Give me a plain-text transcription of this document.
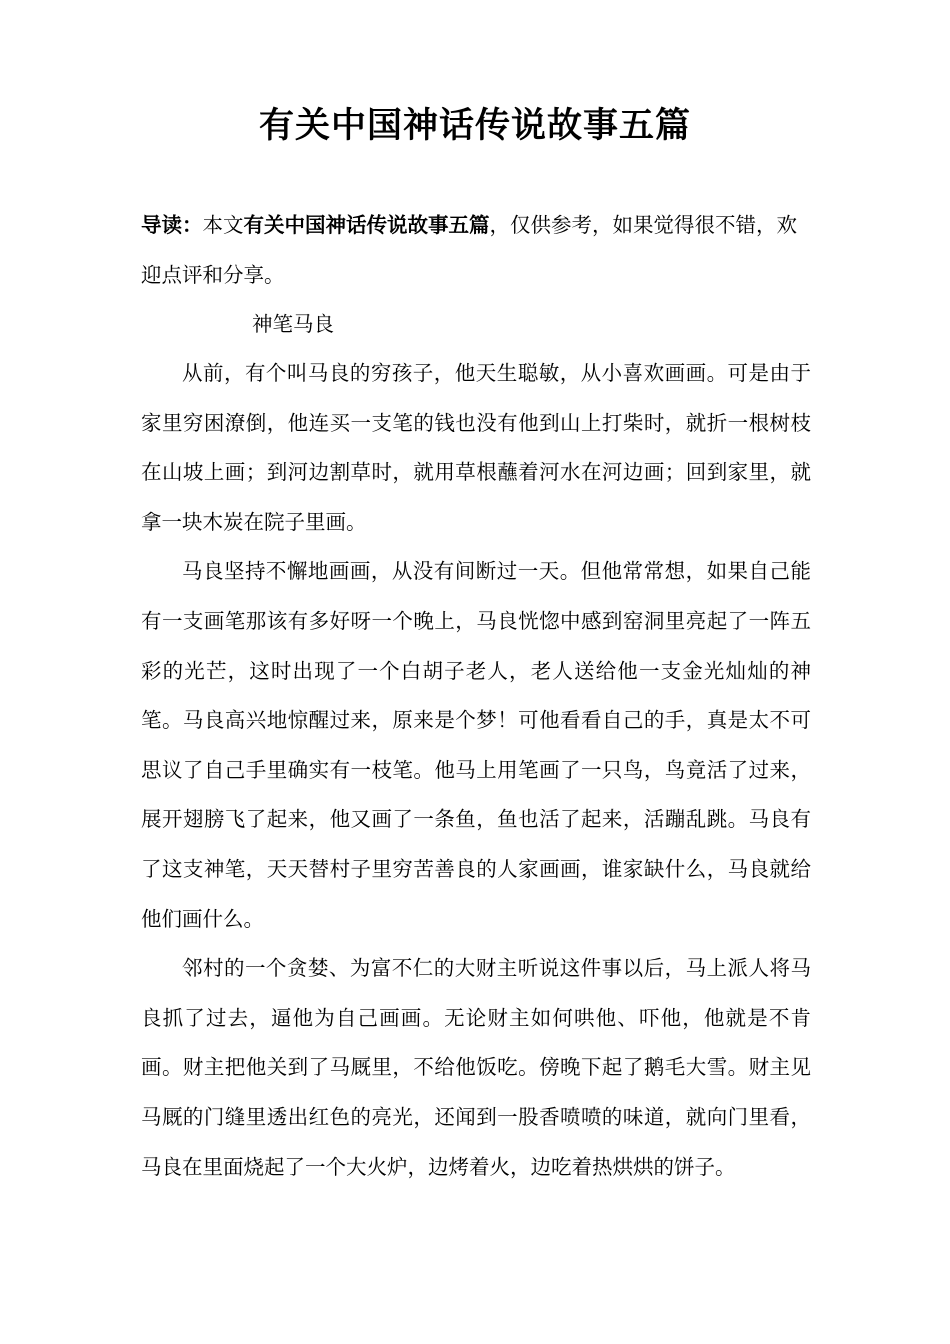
有关中国神话传说故事五篇

导读：本文有关中国神话传说故事五篇，仅供参考，如果觉得很不错，欢迎点评和分享。

神笔马良

从前，有个叫马良的穷孩子，他天生聪敏，从小喜欢画画。可是由于家里穷困潦倒，他连买一支笔的钱也没有他到山上打柴时，就折一根树枝在山坡上画；到河边割草时，就用草根蘸着河水在河边画；回到家里，就拿一块木炭在院子里画。

马良坚持不懈地画画，从没有间断过一天。但他常常想，如果自己能有一支画笔那该有多好呀一个晚上，马良恍惚中感到窑洞里亮起了一阵五彩的光芒，这时出现了一个白胡子老人，老人送给他一支金光灿灿的神笔。马良高兴地惊醒过来，原来是个梦！可他看看自己的手，真是太不可思议了自己手里确实有一枝笔。他马上用笔画了一只鸟，鸟竟活了过来，展开翅膀飞了起来，他又画了一条鱼，鱼也活了起来，活蹦乱跳。马良有了这支神笔，天天替村子里穷苦善良的人家画画，谁家缺什么，马良就给他们画什么。

邻村的一个贪婪、为富不仁的大财主听说这件事以后，马上派人将马良抓了过去，逼他为自己画画。无论财主如何哄他、吓他，他就是不肯画。财主把他关到了马厩里，不给他饭吃。傍晚下起了鹅毛大雪。财主见马厩的门缝里透出红色的亮光，还闻到一股香喷喷的味道，就向门里看，马良在里面烧起了一个大火炉，边烤着火，边吃着热烘烘的饼子。
